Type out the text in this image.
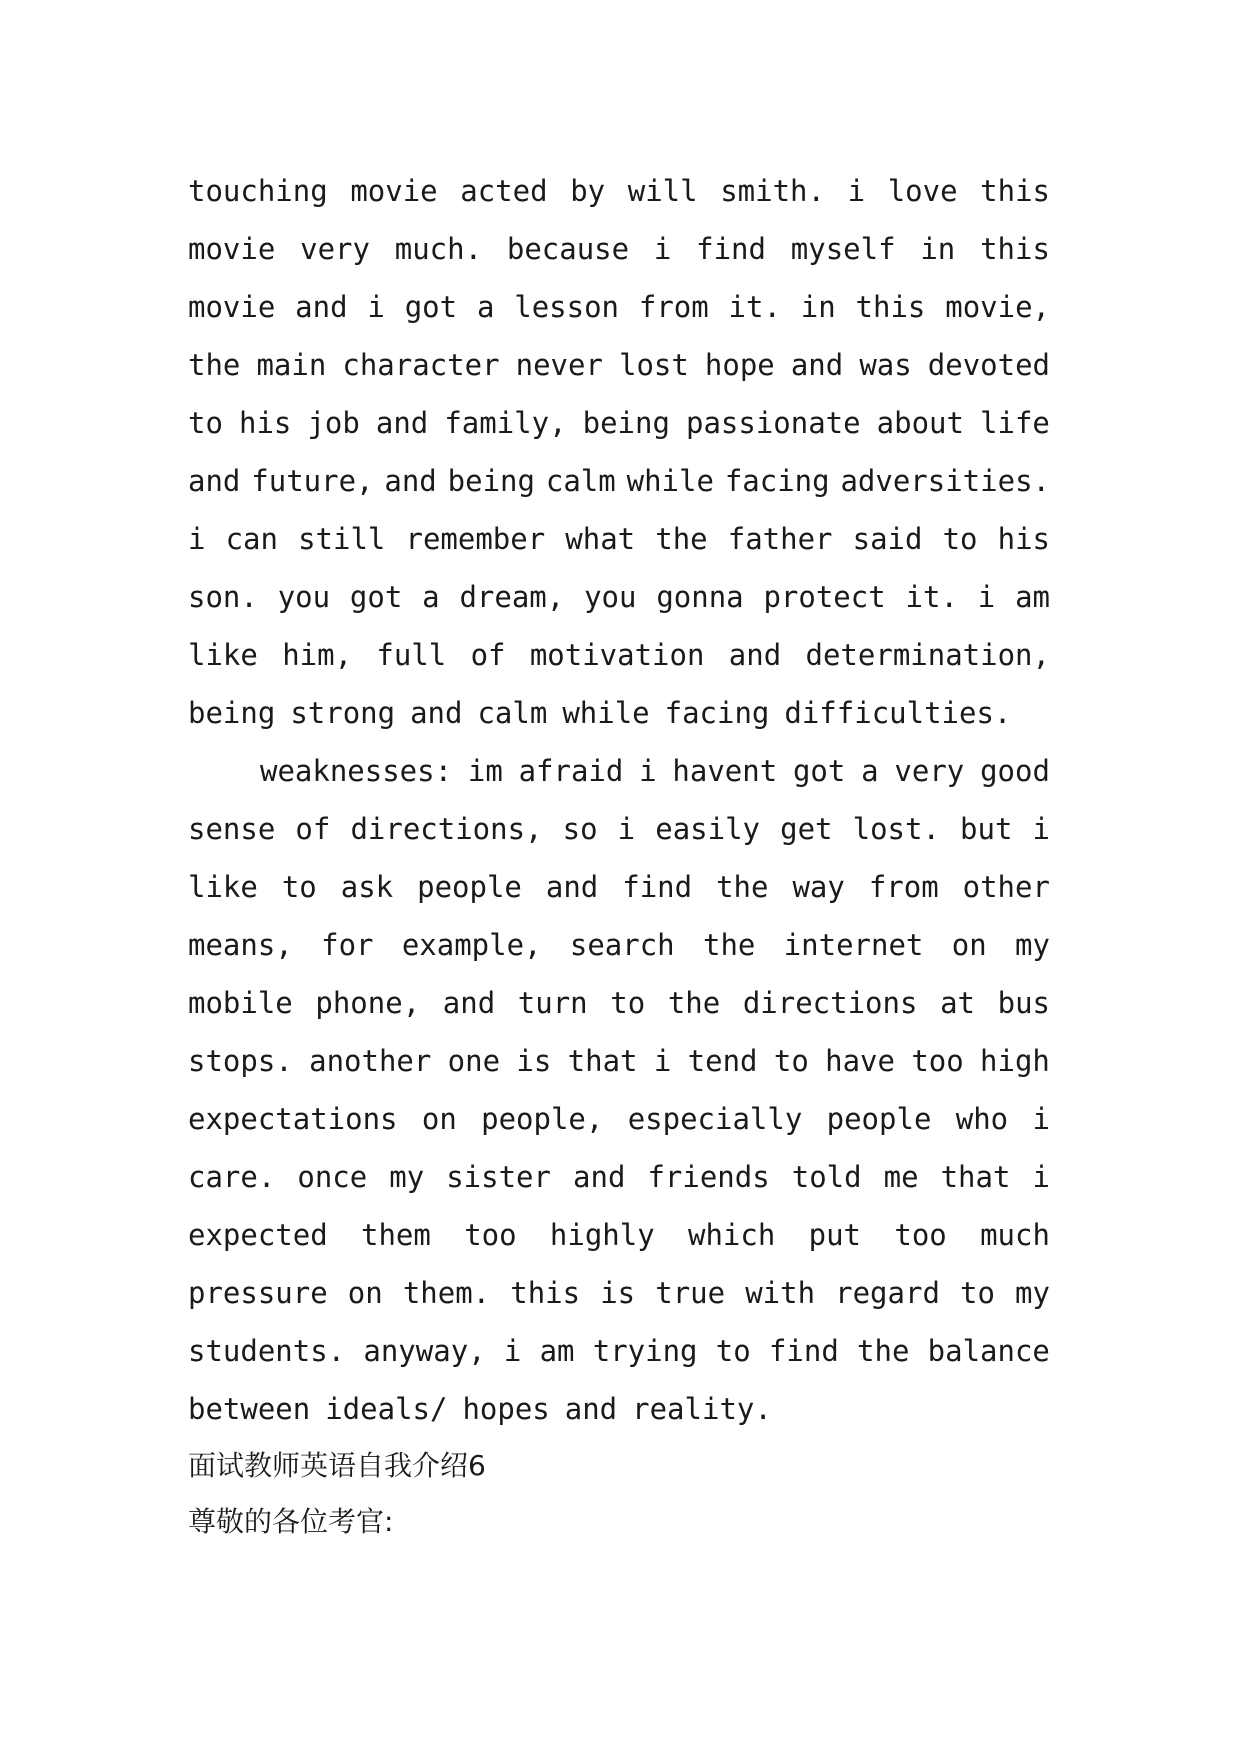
touching movie acted by will smith. i love this
movie very much. because i find myself in this
movie and i got a lesson from it. in this movie,
the main character never lost hope and was devoted
to his job and family, being passionate about life
and future, and being calm while facing adversities.
i can still remember what the father said to his
son. you got a dream, you gonna protect it. i am
like him, full of motivation and determination,
being strong and calm while facing difficulties.
weaknesses: im afraid i havent got a very good
sense of directions, so i easily get lost. but i
like to ask people and find the way from other
means, for example, search the internet on my
mobile phone, and turn to the directions at bus
stops. another one is that i tend to have too high
expectations on people, especially people who i
care. once my sister and friends told me that i
expected them too highly which put too much
pressure on them. this is true with regard to my
students. anyway, i am trying to find the balance
between ideals/ hopes and reality.
面试教师英语自我介绍6
尊敬的各位考官:
